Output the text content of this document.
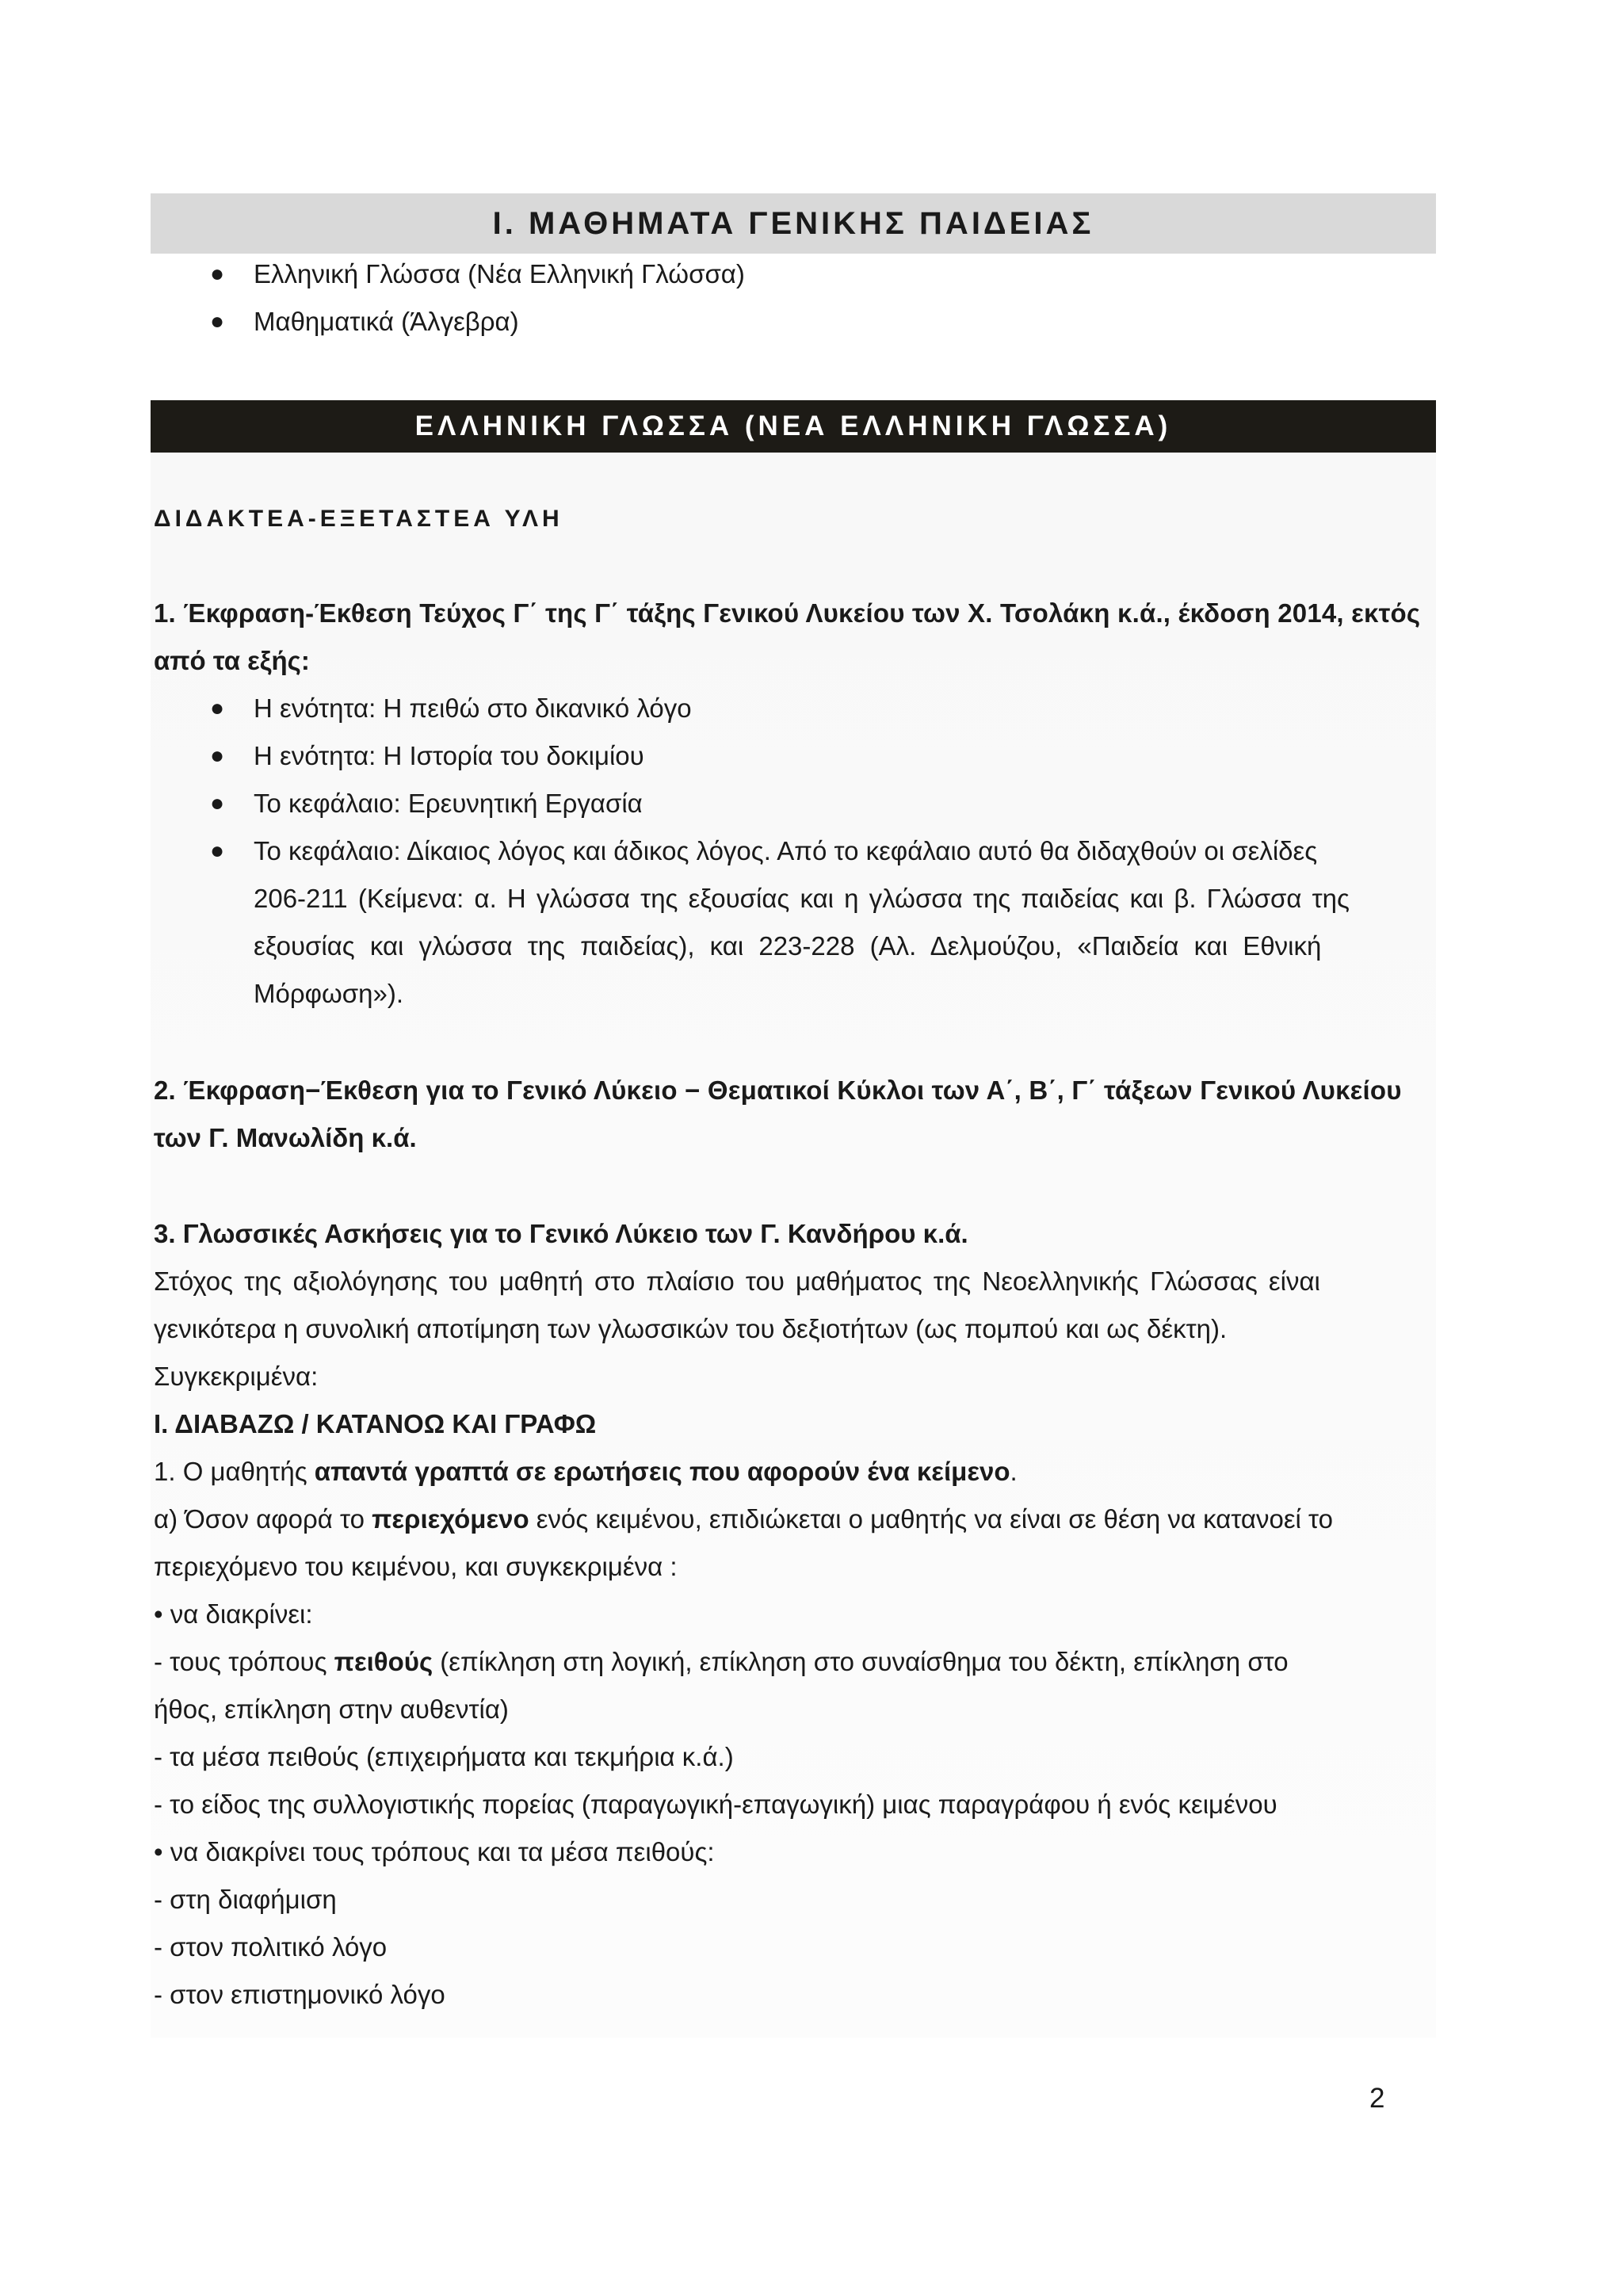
Ι. ΜΑΘΗΜΑΤΑ ΓΕΝΙΚΗΣ ΠΑΙΔΕΙΑΣ
● Ελληνική Γλώσσα (Νέα Ελληνική Γλώσσα)
● Μαθηματικά (Άλγεβρα)
ΕΛΛΗΝΙΚΗ ΓΛΩΣΣΑ (ΝΕΑ ΕΛΛΗΝΙΚΗ ΓΛΩΣΣΑ)
ΔΙΔΑΚΤΕΑ-ΕΞΕΤΑΣΤΕΑ ΥΛΗ
1. Έκφραση-Έκθεση Τεύχος Γ΄ της Γ΄ τάξης Γενικού Λυκείου των Χ. Τσολάκη κ.ά., έκδοση 2014, εκτός
από τα εξής:
● Η ενότητα: Η πειθώ στο δικανικό λόγο
● Η ενότητα: Η Ιστορία του δοκιμίου
● Το κεφάλαιο: Ερευνητική Εργασία
● Το κεφάλαιο: Δίκαιος λόγος και άδικος λόγος. Από το κεφάλαιο αυτό θα διδαχθούν οι σελίδες
206-211 (Κείμενα: α. Η γλώσσα της εξουσίας και η γλώσσα της παιδείας και β. Γλώσσα της
εξουσίας και γλώσσα της παιδείας), και 223-228 (Αλ. Δελμούζου, «Παιδεία και Εθνική
Μόρφωση»).
2. Έκφραση−Έκθεση για το Γενικό Λύκειο − Θεματικοί Κύκλοι των Α΄, Β΄, Γ΄ τάξεων Γενικού Λυκείου
των Γ. Μανωλίδη κ.ά.
3. Γλωσσικές Ασκήσεις για το Γενικό Λύκειο των Γ. Κανδήρου κ.ά.
Στόχος της αξιολόγησης του μαθητή στο πλαίσιο του μαθήματος της Νεοελληνικής Γλώσσας είναι
γενικότερα η συνολική αποτίμηση των γλωσσικών του δεξιοτήτων (ως πομπού και ως δέκτη).
Συγκεκριμένα:
Ι. ΔΙΑΒΑΖΩ / ΚΑΤΑΝΟΩ ΚΑΙ ΓΡΑΦΩ
1. Ο μαθητής απαντά γραπτά σε ερωτήσεις που αφορούν ένα κείμενο.
α) Όσον αφορά το περιεχόμενο ενός κειμένου, επιδιώκεται ο μαθητής να είναι σε θέση να κατανοεί το
περιεχόμενο του κειμένου, και συγκεκριμένα :
• να διακρίνει:
- τους τρόπους πειθούς (επίκληση στη λογική, επίκληση στο συναίσθημα του δέκτη, επίκληση στο
ήθος, επίκληση στην αυθεντία)
- τα μέσα πειθούς (επιχειρήματα και τεκμήρια κ.ά.)
- το είδος της συλλογιστικής πορείας (παραγωγική-επαγωγική) μιας παραγράφου ή ενός κειμένου
• να διακρίνει τους τρόπους και τα μέσα πειθούς:
- στη διαφήμιση
- στον πολιτικό λόγο
- στον επιστημονικό λόγο
2
